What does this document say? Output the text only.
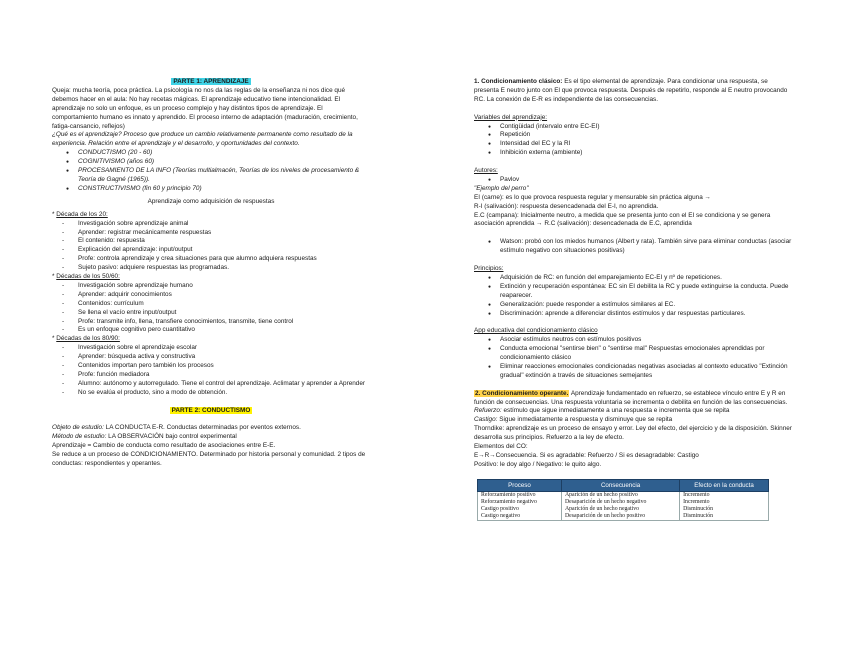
PARTE 1: APRENDIZAJE

Queja: mucha teoría, poca práctica. La psicología no nos da las reglas de la enseñanza ni nos dice qué debemos hacer en el aula: No hay recetas mágicas. El aprendizaje educativo tiene intencionalidad. El aprendizaje no solo un enfoque, es un proceso complejo y hay distintos tipos de aprendizaje. El comportamiento humano es innato y aprendido. El proceso interno de adaptación (maduración, crecimiento, fatiga-cansancio, reflejos)

¿Qué es el aprendizaje? Proceso que produce un cambio relativamente permanente como resultado de la experiencia. Relación entre el aprendizaje y el desarrollo, y oportunidades del contexto.

● CONDUCTISMO (20 - 60)
● COGNITIVISMO (años 60)
● PROCESAMIENTO DE LA INFO (Teorías multialmacén, Teorías de los niveles de procesamiento & Teoría de Gagné (1965)).
● CONSTRUCTIVISMO (fin 60 y principio 70)

Aprendizaje como adquisición de respuestas

* Década de los 20:

- Investigación sobre aprendizaje animal
- Aprender: registrar mecánicamente respuestas
- El contenido: respuesta
- Explicación del aprendizaje: input/output
- Profe: controla aprendizaje y crea situaciones para que alumno adquiera respuestas
- Sujeto pasivo: adquiere respuestas las programadas.

* Décadas de los 50/60:

- Investigación sobre aprendizaje humano
- Aprender: adquirir conocimientos
- Contenidos: currículum
- Se llena el vacío entre input/output
- Profe: transmite info, llena, transfiere conocimientos, transmite, tiene control
- Es un enfoque cognitivo pero cuantitativo

* Décadas de los 80/90:

- Investigación sobre el aprendizaje escolar
- Aprender: búsqueda activa y constructiva
- Contenidos importan pero también los procesos
- Profe: función mediadora
- Alumno: autónomo y autorregulado. Tiene el control del aprendizaje. Aclimatar y aprender a Aprender
- No se evalúa el producto, sino a modo de obtención.

PARTE 2: CONDUCTISMO

Objeto de estudio: LA CONDUCTA E-R. Conductas determinadas por eventos externos.

Método de estudio: LA OBSERVACIÓN bajo control experimental

Aprendizaje = Cambio de conducta como resultado de asociaciones entre E-E.

Se reduce a un proceso de CONDICIONAMIENTO. Determinado por historia personal y comunidad. 2 tipos de conductas: respondientes y operantes.

1. Condicionamiento clásico: Es el tipo elemental de aprendizaje. Para condicionar una respuesta, se presenta E neutro junto con El que provoca respuesta. Después de repetirlo, responde al E neutro provocando RC. La conexión de E-R es independiente de las consecuencias.

Variables del aprendizaje:

● Contigüidad (intervalo entre EC-EI)
● Repetición
● Intensidad del EC y la RI
● Inhibición externa (ambiente)

Autores:

● Pavlov

"Ejemplo del perro"

EI (carne): es lo que provoca respuesta regular y mensurable sin práctica alguna →

R-I (salivación): respuesta desencadenada del E-I, no aprendida.

E.C (campana): Inicialmente neutro, a medida que se presenta junto con el EI se condiciona y se genera asociación aprendida → R.C (salivación): desencadenada de E.C, aprendida

● Watson: probó con los miedos humanos (Albert y rata). También sirve para eliminar conductas (asociar estímulo negativo con situaciones positivas)

Principios:

● Adquisición de RC: en función del emparejamiento EC-EI y nº de repeticiones.
● Extinción y recuperación espontánea: EC sin EI debilita la RC y puede extinguirse la conducta. Puede reaparecer.
● Generalización: puede responder a estímulos similares al EC.
● Discriminación: aprende a diferenciar distintos estímulos y dar respuestas particulares.

App educativa del condicionamiento clásico

● Asociar estímulos neutros con estímulos positivos
● Conducta emocional "sentirse bien" o "sentirse mal" Respuestas emocionales aprendidas por condicionamiento clásico
● Eliminar reacciones emocionales condicionadas negativas asociadas al contexto educativo "Extinción gradual" extinción a través de situaciones semejantes

2. Condicionamiento operante. Aprendizaje fundamentado en refuerzo, se establece vínculo entre E y R en función de consecuencias. Una respuesta voluntaria se incrementa o debilita en función de las consecuencias.

Refuerzo: estímulo que sigue inmediatamente a una respuesta e incrementa que se repita

Castigo: Sigue inmediatamente a respuesta y disminuye que se repita

Thorndike: aprendizaje es un proceso de ensayo y error. Ley del efecto, del ejercicio y de la disposición. Skinner desarrolla sus principios. Refuerzo a la ley de efecto.

Elementos del CO:

E→R→Consecuencia. Si es agradable: Refuerzo / Si es desagradable: Castigo

Positivo: le doy algo / Negativo: le quito algo.

Proceso	Consecuencia	Efecto en la conducta
Reforzamiento positivo	Aparición de un hecho positivo	Incremento
Reforzamiento negativo	Desaparición de un hecho negativo	Incremento
Castigo positivo	Aparición de un hecho negativo	Disminución
Castigo negativo	Desaparición de un hecho positivo	Disminución
